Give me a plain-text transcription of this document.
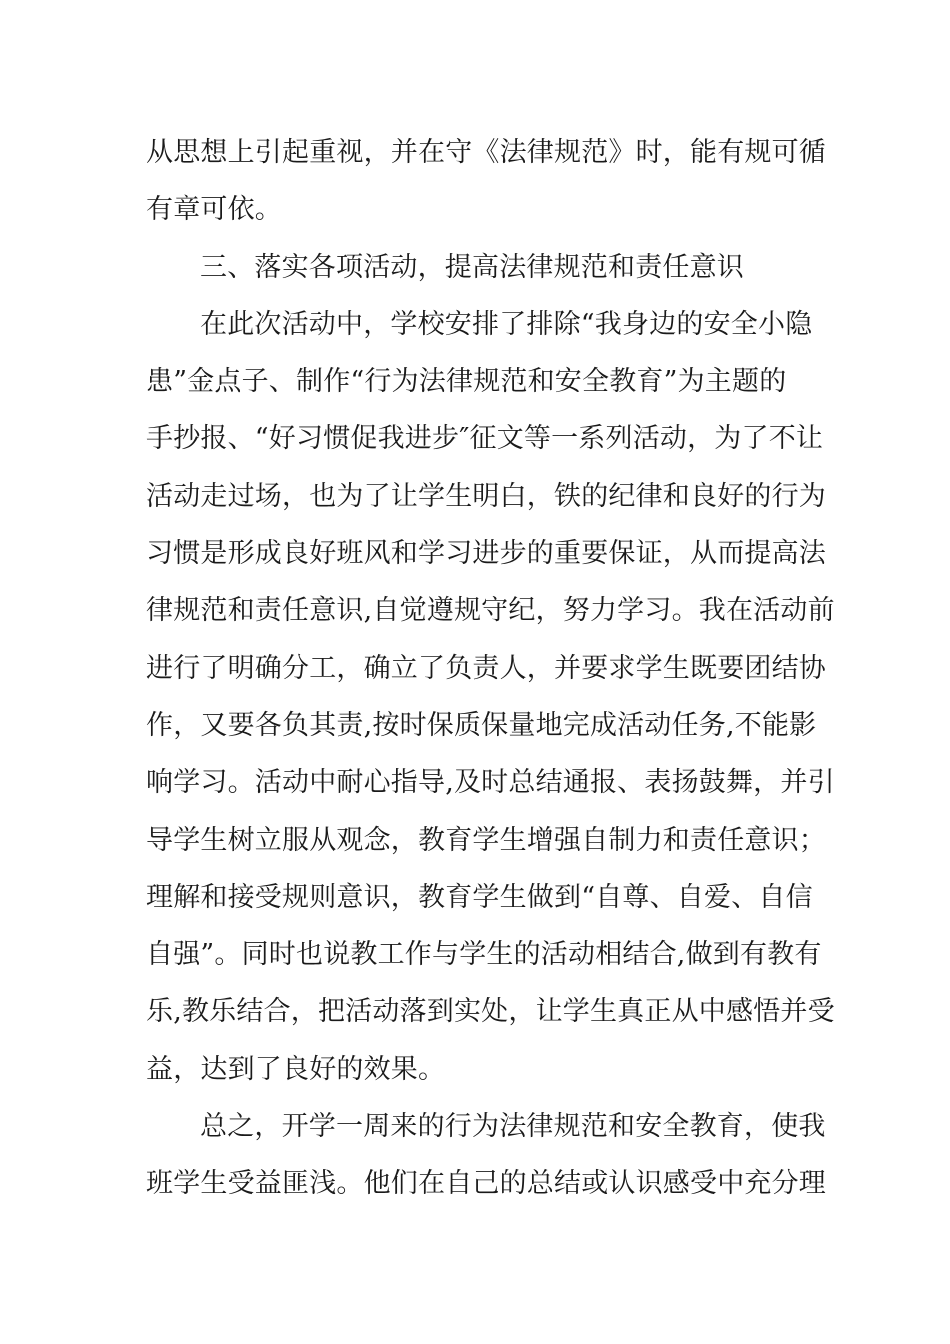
从思想上引起重视，并在守《法律规范》时，能有规可循
有章可依。
三、落实各项活动，提高法律规范和责任意识
在此次活动中，学校安排了排除“我身边的安全小隐
患”金点子、制作“行为法律规范和安全教育”为主题的
手抄报、“好习惯促我进步″征文等一系列活动，为了不让
活动走过场，也为了让学生明白，铁的纪律和良好的行为
习惯是形成良好班风和学习进步的重要保证，从而提高法
律规范和责任意识,自觉遵规守纪，努力学习。我在活动前
进行了明确分工，确立了负责人，并要求学生既要团结协
作，又要各负其责,按时保质保量地完成活动任务,不能影
响学习。活动中耐心指导,及时总结通报、表扬鼓舞，并引
导学生树立服从观念，教育学生增强自制力和责任意识；
理解和接受规则意识，教育学生做到“自尊、自爱、自信
自强”。同时也说教工作与学生的活动相结合,做到有教有
乐,教乐结合，把活动落到实处，让学生真正从中感悟并受
益，达到了良好的效果。
总之，开学一周来的行为法律规范和安全教育，使我
班学生受益匪浅。他们在自己的总结或认识感受中充分理
